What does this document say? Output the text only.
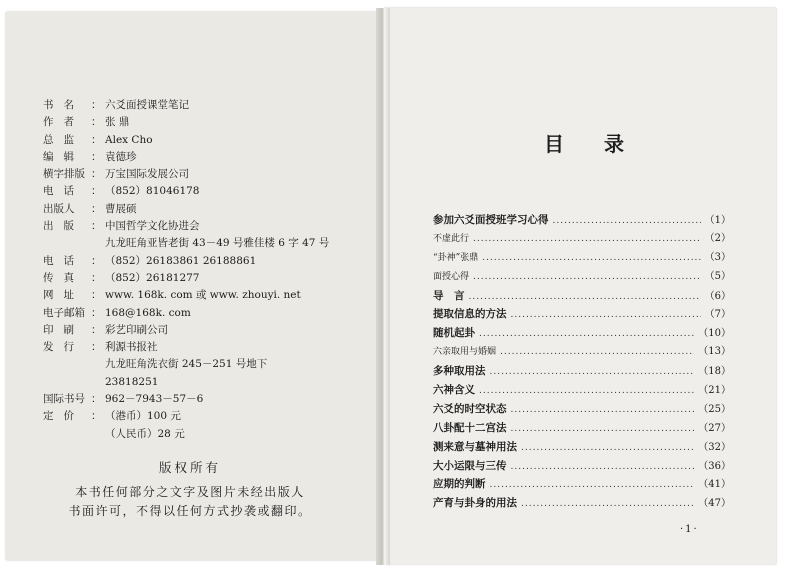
书名 ： 六爻面授课堂笔记
作者 ： 张 鼎
总监 ： Alex Cho
编辑 ： 袁德珍
横字排版 ： 万宝国际发展公司
电话 ： （852）81046178
出版人	： 曹展硕
出版 ： 中国哲学文化协进会
九龙旺角亚皆老街 43－49 号雅佳楼 6 字 47 号
电话 ： （852）26183861 26188861
传真 ： （852）26181277
网址 ： www. 168k. com 或 www. zhouyi. net
电子邮箱 ： 168@168k. com
印刷 ： 彩艺印刷公司
发行 ： 利源书报社
九龙旺角洗衣街 245－251 号地下
23818251
国际书号 ： 962－7943－57－6
定价 ： （港币）100 元
（人民币）28 元
版权所有
本书任何部分之文字及图片未经出版人
书面许可，不得以任何方式抄袭或翻印。
目录
参加六爻面授班学习心得 .....	（1）
不虚此行 .....	（2）
“卦神”张鼎 .....	（3）
面授心得 .....	（5）
导　言 .....	（6）
提取信息的方法 .....	（7）
随机起卦 .....	（10）
六亲取用与婚姻 .....	（13）
多种取用法 .....	（18）
六神含义 .....	（21）
六爻的时空状态 .....	（25）
八卦配十二宫法 .....	（27）
测来意与墓神用法 .....	（32）
大小运限与三传 .....	（36）
应期的判断 .....	（41）
产育与卦身的用法 .....	（47）
·1·
